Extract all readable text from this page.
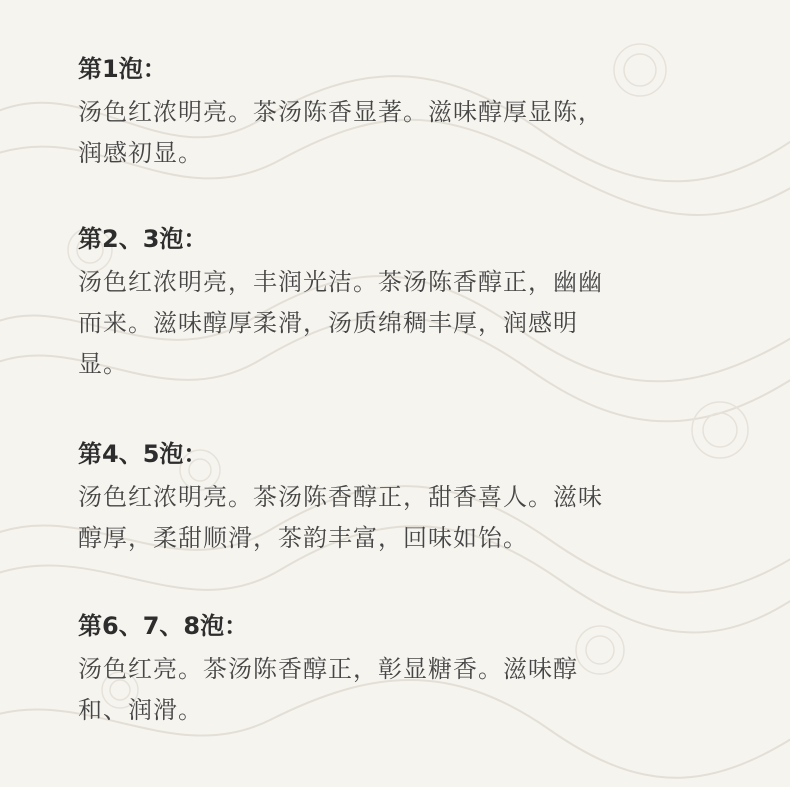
第1泡：
汤色红浓明亮。茶汤陈香显著。滋味醇厚显陈，
润感初显。
第2、3泡：
汤色红浓明亮，丰润光洁。茶汤陈香醇正，幽幽
而来。滋味醇厚柔滑，汤质绵稠丰厚，润感明
显。
第4、5泡：
汤色红浓明亮。茶汤陈香醇正，甜香喜人。滋味
醇厚，柔甜顺滑，茶韵丰富，回味如饴。
第6、7、8泡：
汤色红亮。茶汤陈香醇正，彰显糖香。滋味醇
和、润滑。
